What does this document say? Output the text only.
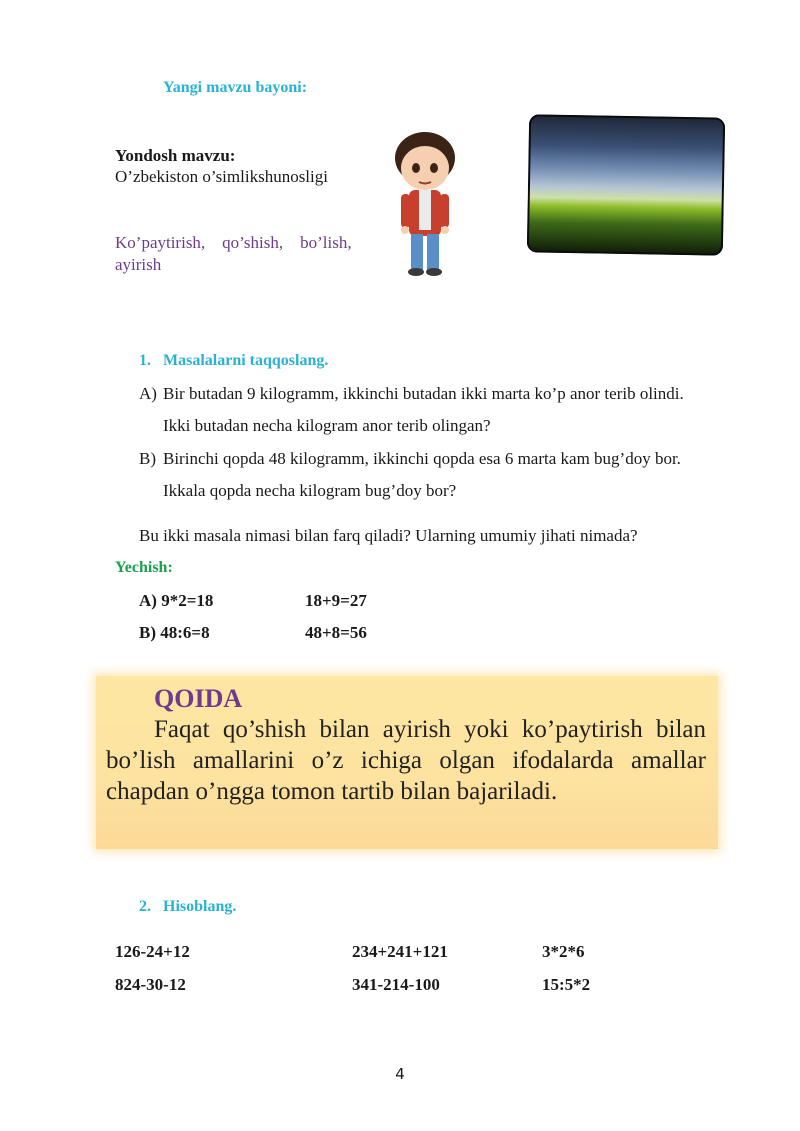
Yangi mavzu bayoni:
Yondosh mavzu:
O’zbekiston o’simlikshunosligi
Ko’paytirish,    qo’shish,    bo’lish,
ayirish
1. Masalalarni taqqoslang.
A) Bir butadan 9 kilogramm, ikkinchi butadan ikki marta ko’p anor terib olindi.
Ikki butadan necha kilogram anor terib olingan?
B) Birinchi qopda 48 kilogramm, ikkinchi qopda esa 6 marta kam bug’doy bor.
Ikkala qopda necha kilogram bug’doy bor?
Bu ikki masala nimasi bilan farq qiladi? Ularning umumiy jihati nimada?
Yechish:
A) 9*2=18	18+9=27
B) 48:6=8	48+8=56
QOIDA
Faqat qo’shish bilan ayirish yoki ko’paytirish bilan bo’lish amallarini o’z ichiga olgan ifodalarda amallar chapdan o’ngga tomon tartib bilan bajariladi.
2. Hisoblang.
126-24+12	234+241+121	3*2*6
824-30-12	341-214-100	15:5*2
4
